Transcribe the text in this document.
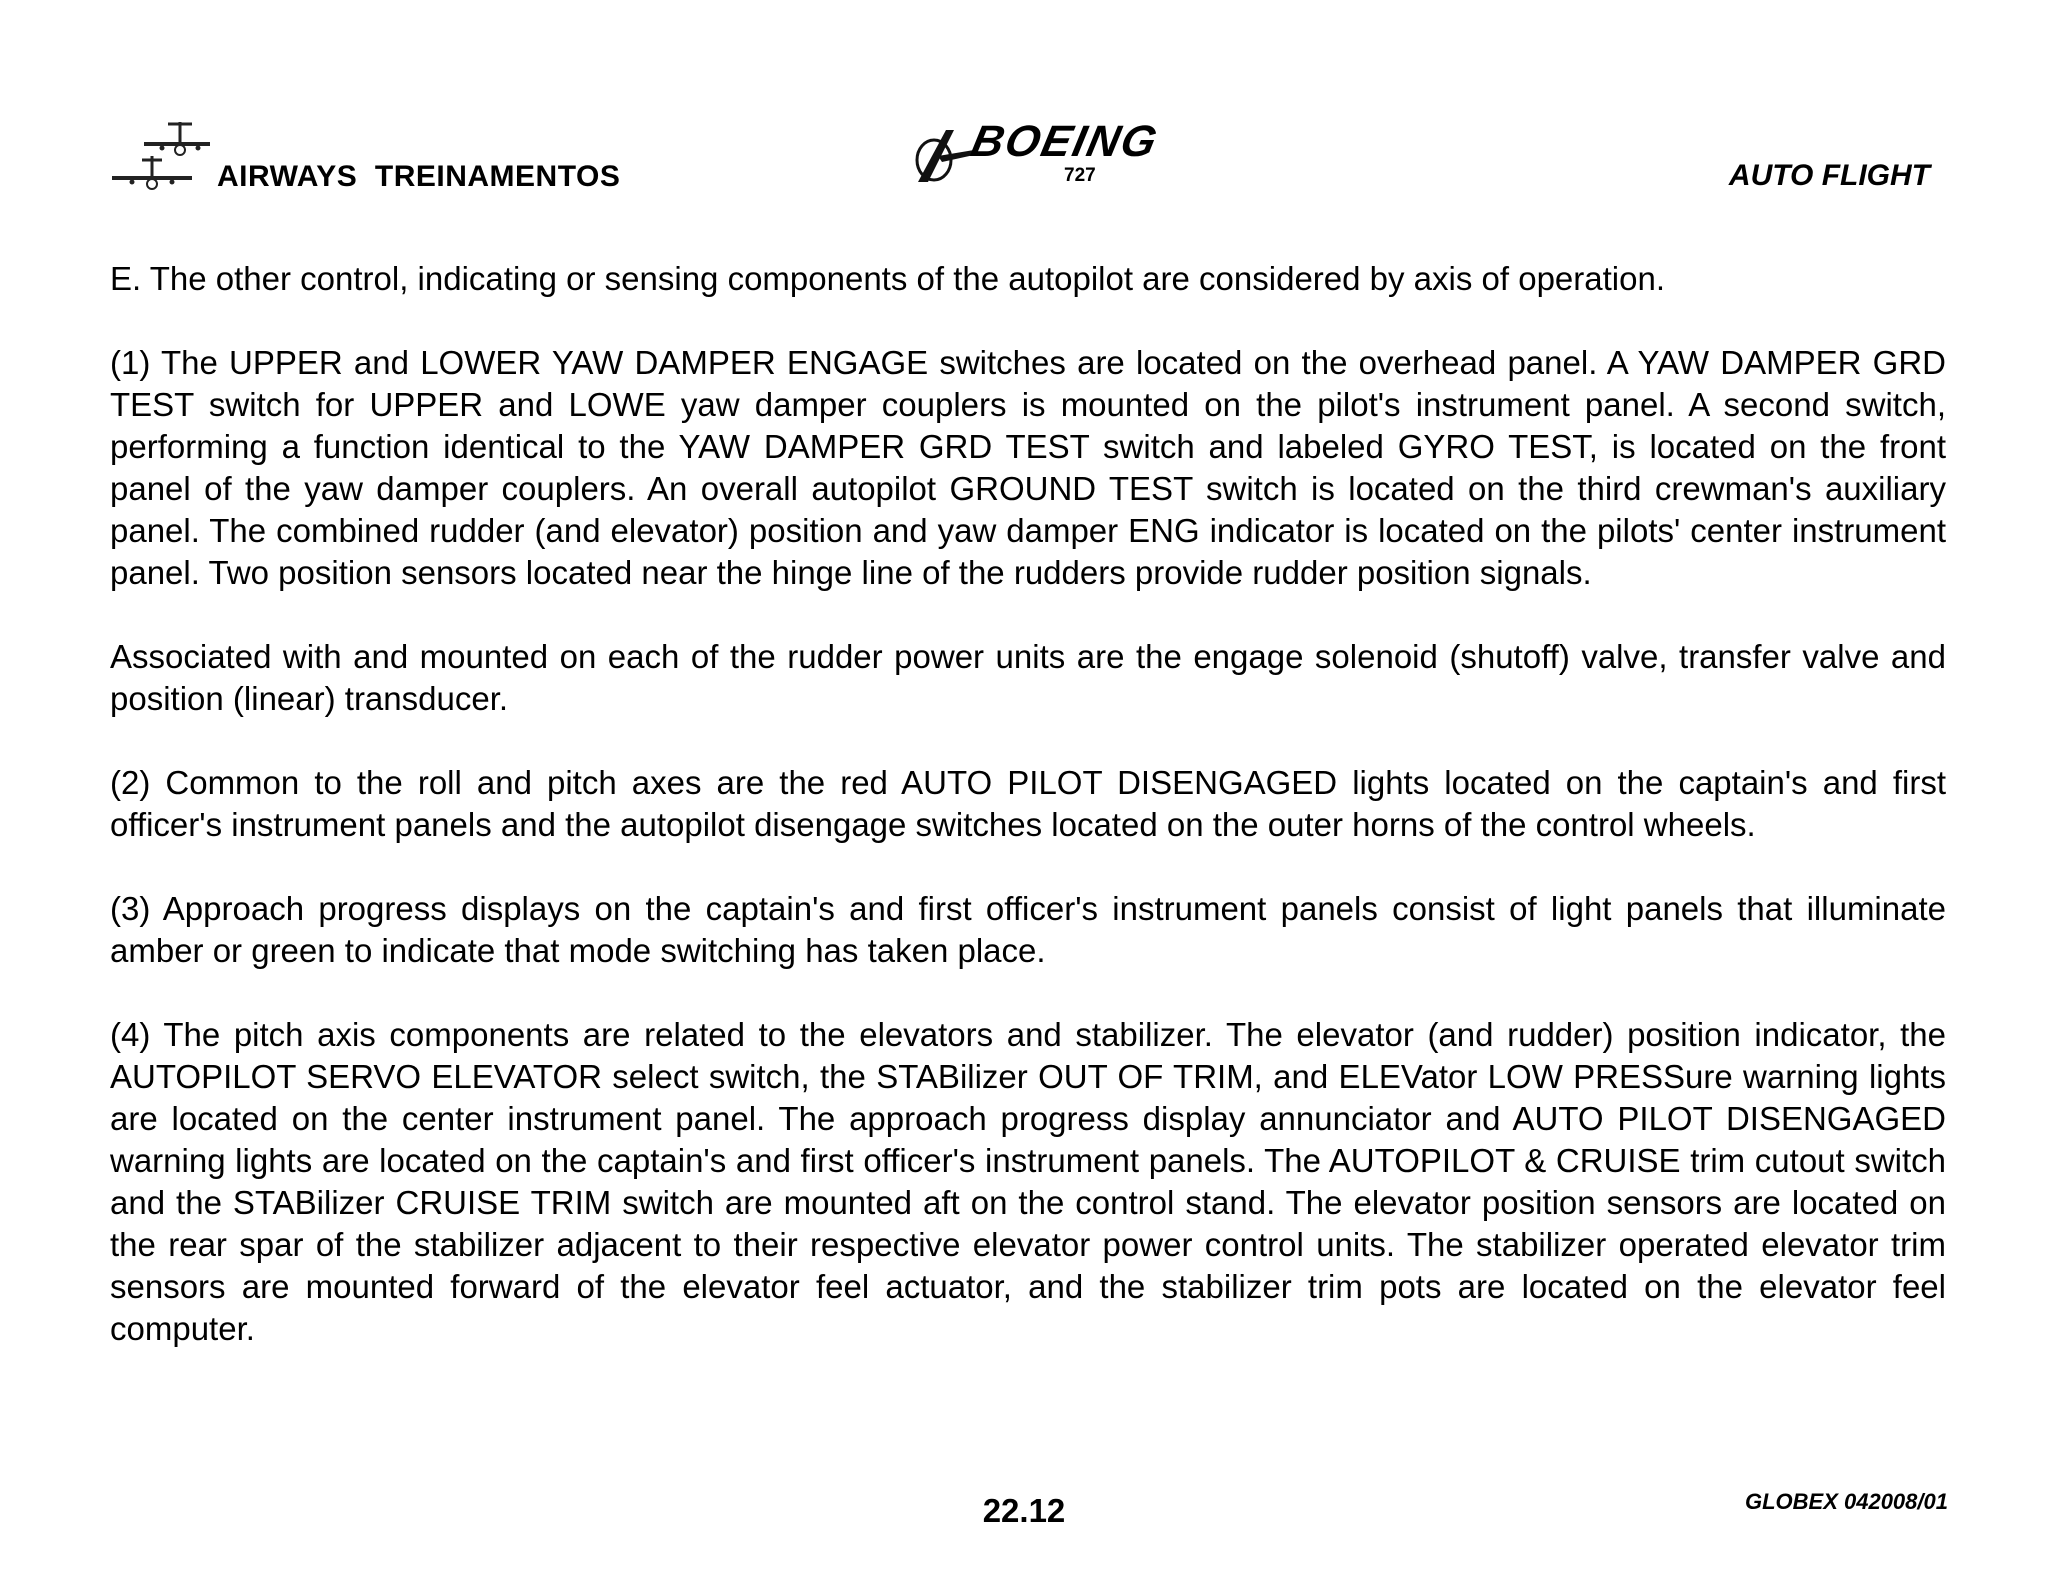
AIRWAYS  TREINAMENTOS
BOEING
727	AUTO FLIGHT

E. The other control, indicating or sensing components of the autopilot are considered by axis of operation.

(1) The UPPER and LOWER YAW DAMPER ENGAGE switches are located on the overhead panel. A YAW DAMPER GRD TEST switch for UPPER and LOWE yaw damper couplers is mounted on the pilot's instrument panel. A second switch, performing a function identical to the YAW DAMPER GRD TEST switch and labeled GYRO TEST, is located on the front panel of the yaw damper couplers. An overall autopilot GROUND TEST switch is located on the third crewman's auxiliary panel. The combined rudder (and elevator) position and yaw damper ENG indicator is located on the pilots' center instrument panel. Two position sensors located near the hinge line of the rudders provide rudder position signals.

Associated with and mounted on each of the rudder power units are the engage solenoid (shutoff) valve, transfer valve and position (linear) transducer.

(2) Common to the roll and pitch axes are the red AUTO PILOT DISENGAGED lights located on the captain's and first officer's instrument panels and the autopilot disengage switches located on the outer horns of the control wheels.

(3) Approach progress displays on the captain's and first officer's instrument panels consist of light panels that illuminate amber or green to indicate that mode switching has taken place.

(4) The pitch axis components are related to the elevators and stabilizer. The elevator (and rudder) position indicator, the AUTOPILOT SERVO ELEVATOR select switch, the STABilizer OUT OF TRIM, and ELEVator LOW PRESSure warning lights are located on the center instrument panel. The approach progress display annunciator and AUTO PILOT DISENGAGED warning lights are located on the captain's and first officer's instrument panels. The AUTOPILOT & CRUISE trim cutout switch and the STABilizer CRUISE TRIM switch are mounted aft on the control stand. The elevator position sensors are located on the rear spar of the stabilizer adjacent to their respective elevator power control units. The stabilizer operated elevator trim sensors are mounted forward of the elevator feel actuator, and the stabilizer trim pots are located on the elevator feel computer.

22.12	GLOBEX 042008/01
